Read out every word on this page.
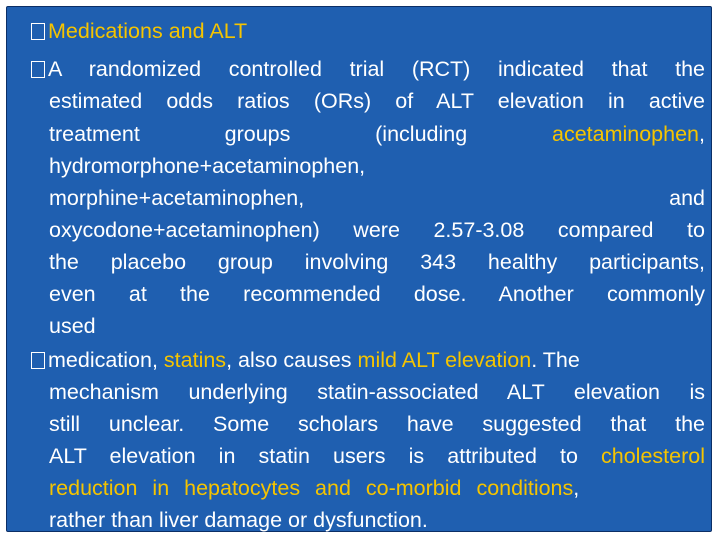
Medications and ALT
A randomized controlled trial (RCT) indicated that the
estimated odds ratios (ORs) of ALT elevation in active
treatment groups (including	acetaminophen,
hydromorphone+acetaminophen,
morphine+acetaminophen,	and
oxycodone+acetaminophen) were 2.57-3.08 compared to
the placebo group involving 343 healthy participants,
even at the recommended dose. Another commonly
used
medication, statins, also causes mild ALT elevation. The
mechanism underlying statin-associated ALT elevation is
still unclear. Some scholars have suggested that the
ALT elevation in statin users is attributed to cholesterol
reduction in hepatocytes and co-morbid conditions,
rather than liver damage or dysfunction.
